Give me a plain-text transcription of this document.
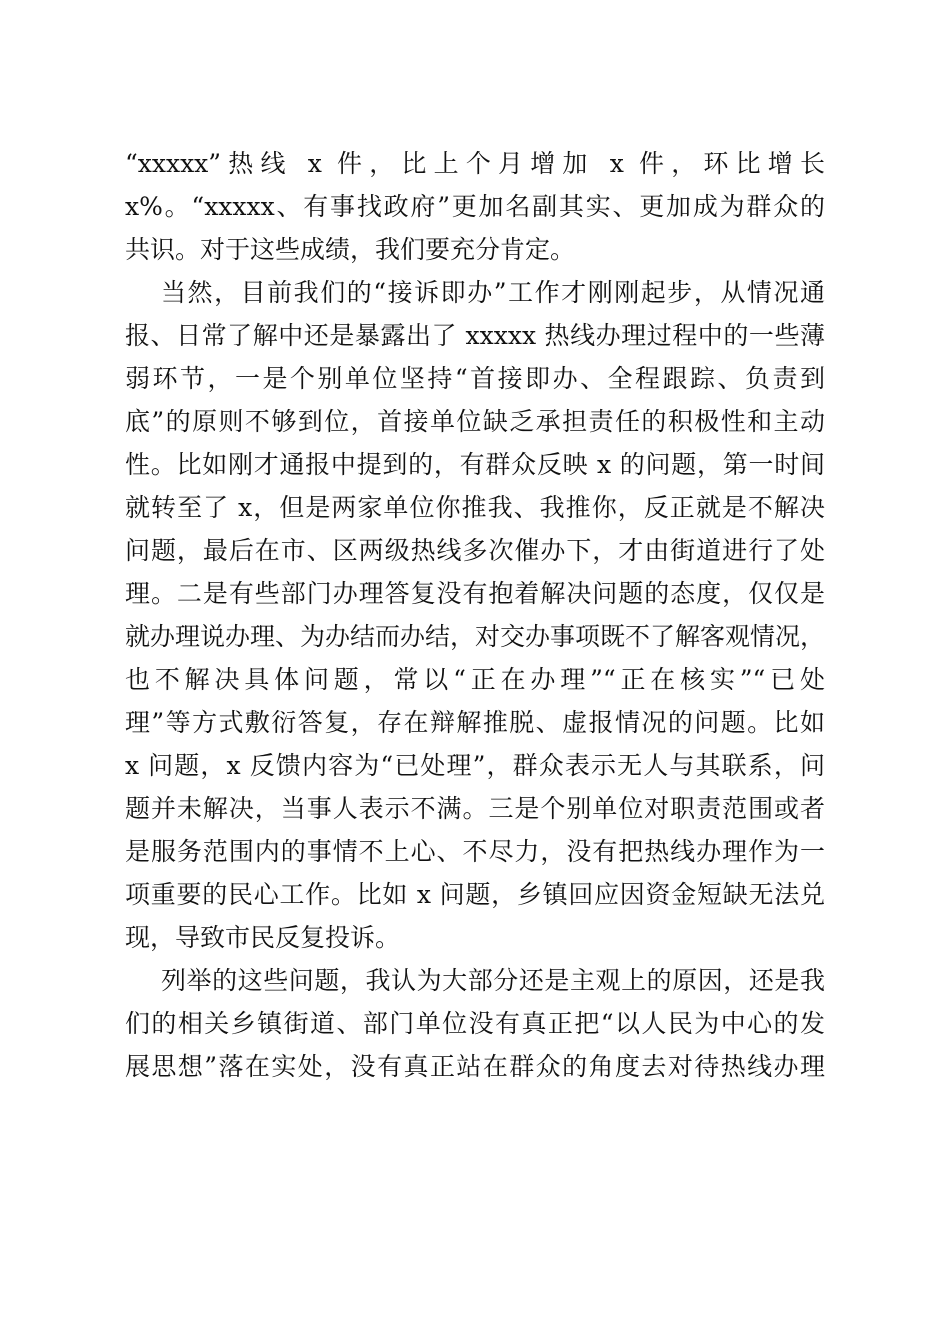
“xxxxx”热线 x 件，比上个月增加 x 件，环比增长
x%。“xxxxx、有事找政府”更加名副其实、更加成为群众的
共识。对于这些成绩，我们要充分肯定。
当然，目前我们的“接诉即办”工作才刚刚起步，从情况通
报、日常了解中还是暴露出了 xxxxx 热线办理过程中的一些薄
弱环节，一是个别单位坚持“首接即办、全程跟踪、负责到
底”的原则不够到位，首接单位缺乏承担责任的积极性和主动
性。比如刚才通报中提到的，有群众反映 x 的问题，第一时间
就转至了 x，但是两家单位你推我、我推你，反正就是不解决
问题，最后在市、区两级热线多次催办下，才由街道进行了处
理。二是有些部门办理答复没有抱着解决问题的态度，仅仅是
就办理说办理、为办结而办结，对交办事项既不了解客观情况，
也不解决具体问题，常以“正在办理”“正在核实”“已处
理”等方式敷衍答复，存在辩解推脱、虚报情况的问题。比如
x 问题，x 反馈内容为“已处理”，群众表示无人与其联系，问
题并未解决，当事人表示不满。三是个别单位对职责范围或者
是服务范围内的事情不上心、不尽力，没有把热线办理作为一
项重要的民心工作。比如 x 问题，乡镇回应因资金短缺无法兑
现，导致市民反复投诉。
列举的这些问题，我认为大部分还是主观上的原因，还是我
们的相关乡镇街道、部门单位没有真正把“以人民为中心的发
展思想”落在实处，没有真正站在群众的角度去对待热线办理
